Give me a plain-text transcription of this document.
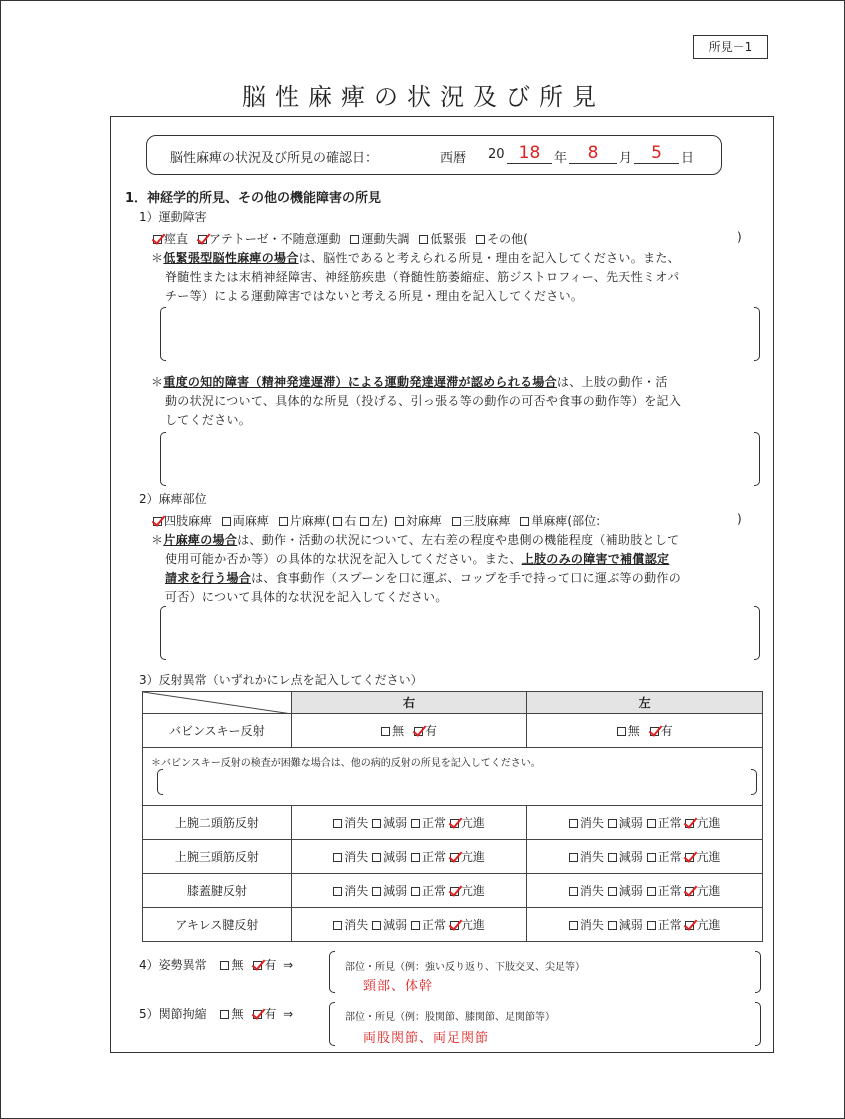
所見－1
脳性麻痺の状況及び所見
脳性麻痺の状況及び所見の確認日：	西暦 20 18	年	8	月	5	日
1．神経学的所見、その他の機能障害の所見
1）運動障害
痙直 アテトーゼ・不随意運動 運動失調 低緊張 その他(	)
＊低緊張型脳性麻痺の場合は、脳性であると考えられる所見・理由を記入してください。また、
脊髄性または末梢神経障害、神経筋疾患（脊髄性筋萎縮症、筋ジストロフィー、先天性ミオパ
チー等）による運動障害ではないと考える所見・理由を記入してください。
＊重度の知的障害（精神発達遅滞）による運動発達遅滞が認められる場合は、上肢の動作・活
動の状況について、具体的な所見（投げる、引っ張る等の動作の可否や食事の動作等）を記入
してください。
2）麻痺部位
四肢麻痺 両麻痺 片麻痺( 右 左) 対麻痺 三肢麻痺 単麻痺(部位:	)
＊片麻痺の場合は、動作・活動の状況について、左右差の程度や患側の機能程度（補助肢として
使用可能か否か等）の具体的な状況を記入してください。また、上肢のみの障害で補償認定
請求を行う場合は、食事動作（スプーンを口に運ぶ、コップを手で持って口に運ぶ等の動作の
可否）について具体的な状況を記入してください。
3）反射異常（いずれかにレ点を記入してください）
	右	左
バビンスキー反射	無 有	無 有

＊バビンスキー反射の検査が困難な場合は、他の病的反射の所見を記入してください。		

上腕二頭筋反射	消失 減弱 正常 亢進	消失 減弱 正常 亢進
上腕三頭筋反射	消失 減弱 正常 亢進	消失 減弱 正常 亢進
膝蓋腱反射	消失 減弱 正常 亢進	消失 減弱 正常 亢進
アキレス腱反射	消失 減弱 正常 亢進	消失 減弱 正常 亢進
4）姿勢異常 無 有 ⇒	部位・所見（例：強い反り返り、下肢交叉、尖足等）
頸部、体幹
5）関節拘縮 無 有 ⇒	部位・所見（例：股関節、膝関節、足関節等）
両股関節、両足関節
